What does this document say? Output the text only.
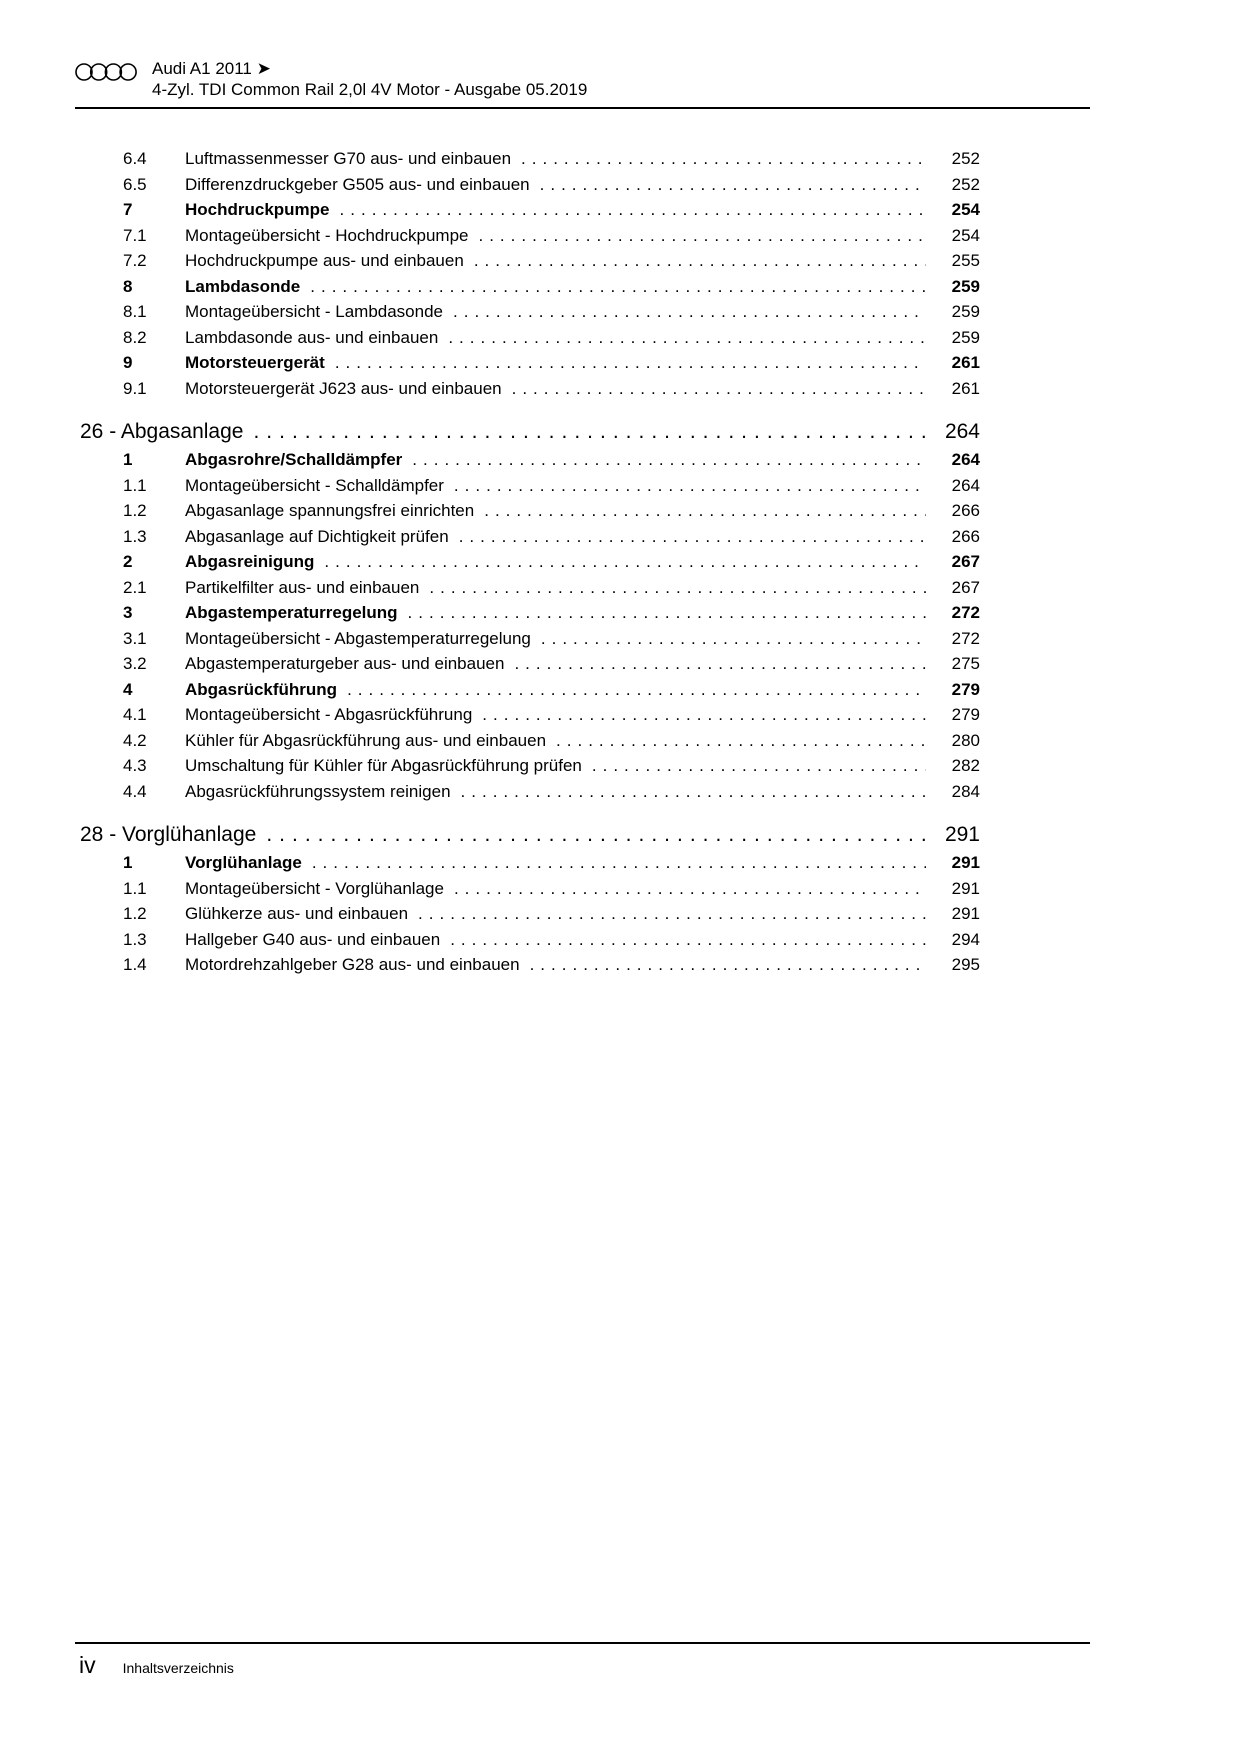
Audi A1 2011 ➤
4-Zyl. TDI Common Rail 2,0l 4V Motor - Ausgabe 05.2019
6.4	Luftmassenmesser G70 aus- und einbauen .....	252
6.5	Differenzdruckgeber G505 aus- und einbauen .....	252
7	Hochdruckpumpe .....	254
7.1	Montageübersicht - Hochdruckpumpe .....	254
7.2	Hochdruckpumpe aus- und einbauen .....	255
8	Lambdasonde .....	259
8.1	Montageübersicht - Lambdasonde .....	259
8.2	Lambdasonde aus- und einbauen .....	259
9	Motorsteuergerät .....	261
9.1	Motorsteuergerät J623 aus- und einbauen .....	261
26 - Abgasanlage .....	264
1	Abgasrohre/Schalldämpfer .....	264
1.1	Montageübersicht - Schalldämpfer .....	264
1.2	Abgasanlage spannungsfrei einrichten .....	266
1.3	Abgasanlage auf Dichtigkeit prüfen .....	266
2	Abgasreinigung .....	267
2.1	Partikelfilter aus- und einbauen .....	267
3	Abgastemperaturregelung .....	272
3.1	Montageübersicht - Abgastemperaturregelung .....	272
3.2	Abgastemperaturgeber aus- und einbauen .....	275
4	Abgasrückführung .....	279
4.1	Montageübersicht - Abgasrückführung .....	279
4.2	Kühler für Abgasrückführung aus- und einbauen .....	280
4.3	Umschaltung für Kühler für Abgasrückführung prüfen .....	282
4.4	Abgasrückführungssystem reinigen .....	284
28 - Vorglühanlage .....	291
1	Vorglühanlage .....	291
1.1	Montageübersicht - Vorglühanlage .....	291
1.2	Glühkerze aus- und einbauen .....	291
1.3	Hallgeber G40 aus- und einbauen .....	294
1.4	Motordrehzahlgeber G28 aus- und einbauen .....	295
iv Inhaltsverzeichnis
